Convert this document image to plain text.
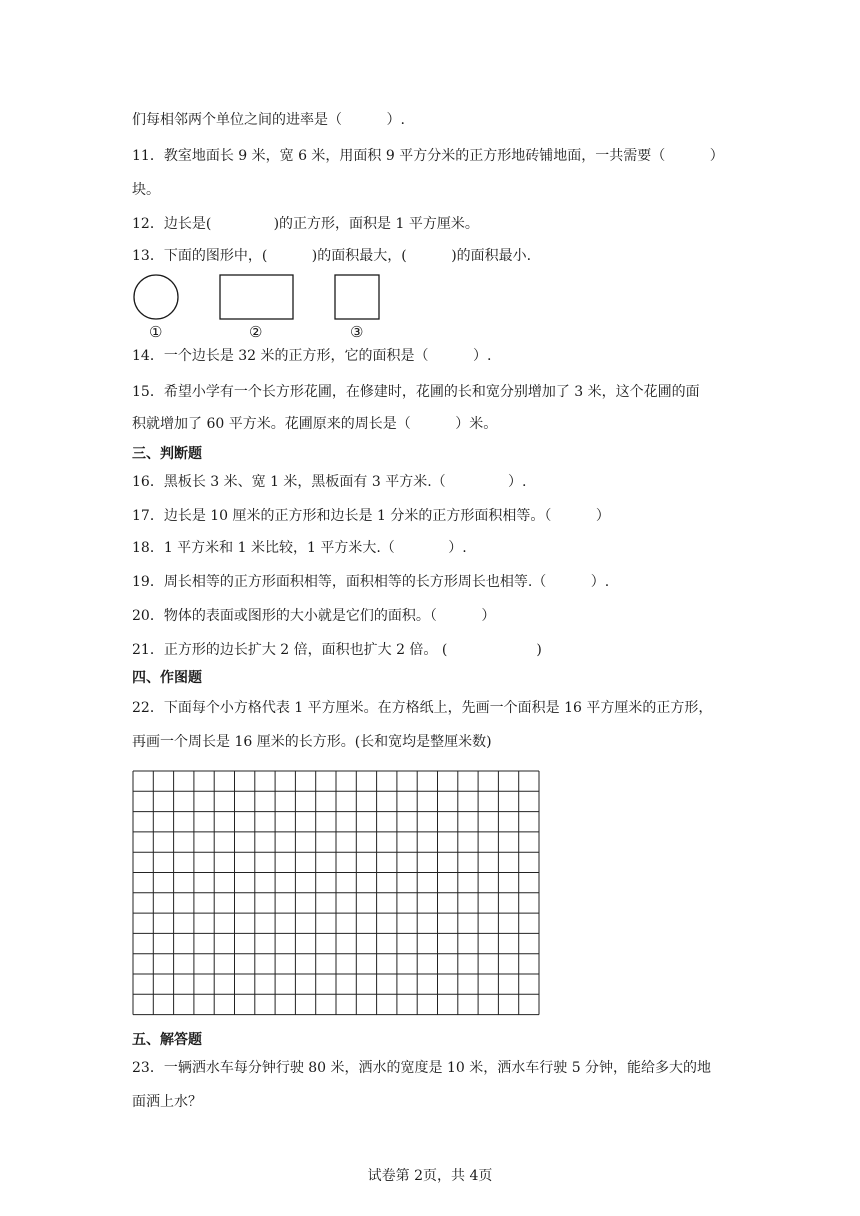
们每相邻两个单位之间的进率是（          ）.
11．教室地面长 9 米，宽 6 米，用面积 9 平方分米的正方形地砖铺地面，一共需要（          ）
块。
12．边长是(              )的正方形，面积是 1 平方厘米。
13．下面的图形中，(          )的面积最大，(          )的面积最小.
①	②	③
14．一个边长是 32 米的正方形，它的面积是（          ）.
15．希望小学有一个长方形花圃，在修建时，花圃的长和宽分别增加了 3 米，这个花圃的面
积就增加了 60 平方米。花圃原来的周长是（          ）米。
三、判断题
16．黑板长 3 米、宽 1 米，黑板面有 3 平方米.（              ）.
17．边长是 10 厘米的正方形和边长是 1 分米的正方形面积相等。（          ）
18．1 平方米和 1 米比较，1 平方米大.（            ）.
19．周长相等的正方形面积相等，面积相等的长方形周长也相等.（          ）.
20．物体的表面或图形的大小就是它们的面积。（          ）
21．正方形的边长扩大 2 倍，面积也扩大 2 倍。 (                    )
四、作图题
22．下面每个小方格代表 1 平方厘米。在方格纸上，先画一个面积是 16 平方厘米的正方形，
再画一个周长是 16 厘米的长方形。(长和宽均是整厘米数)
五、解答题
23．一辆洒水车每分钟行驶 80 米，洒水的宽度是 10 米，洒水车行驶 5 分钟，能给多大的地
面洒上水？
试卷第 2页，共 4页
